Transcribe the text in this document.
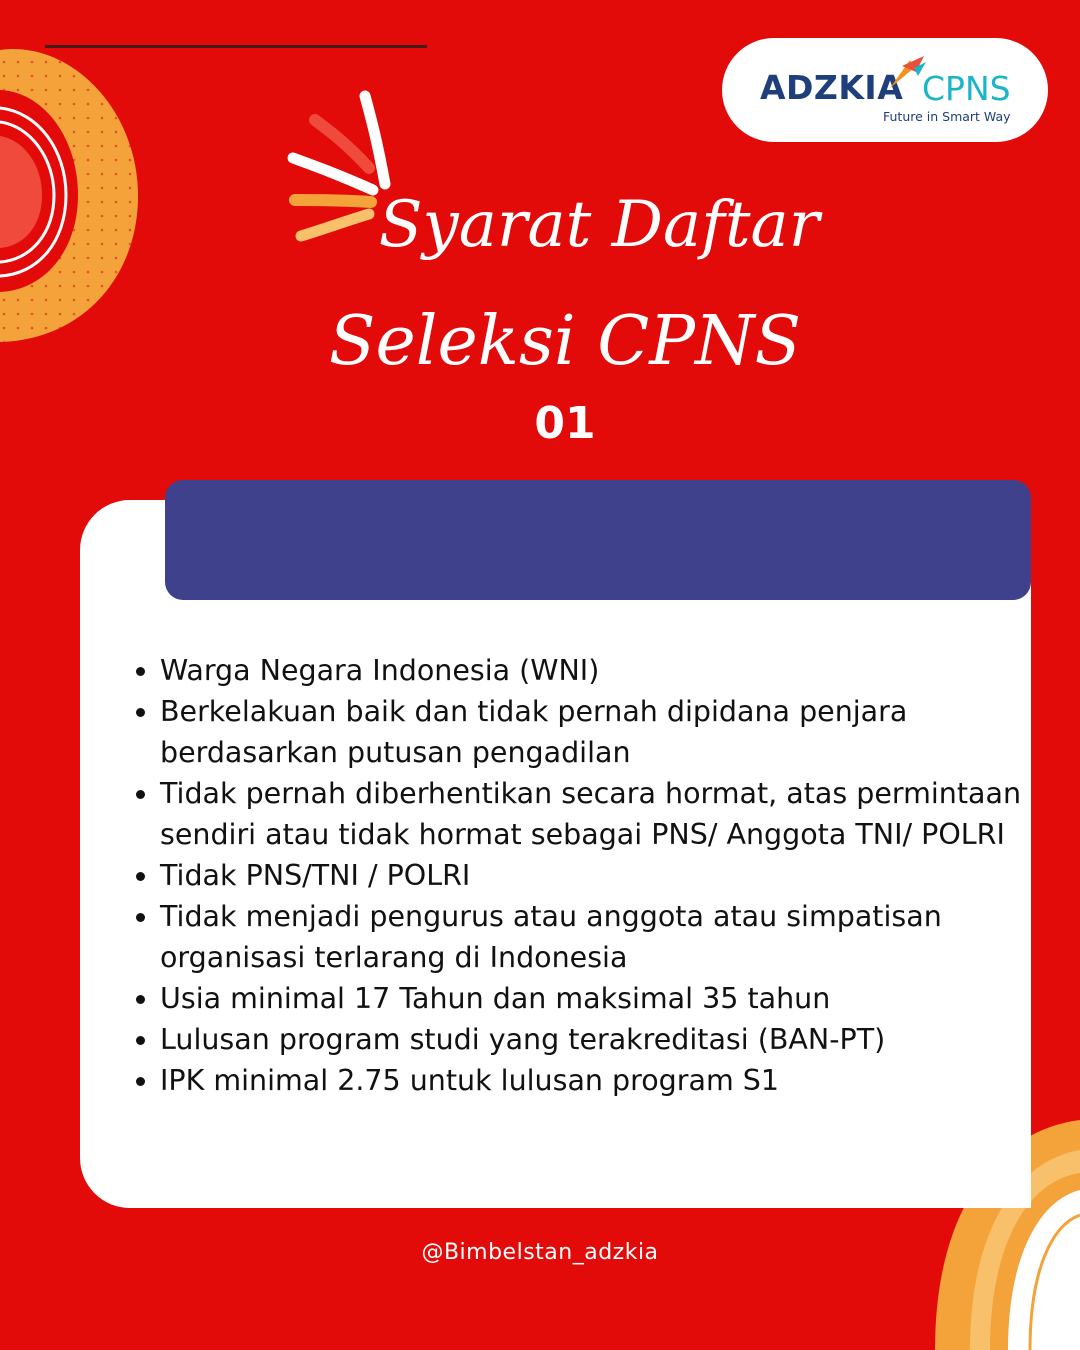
ADZKIA CPNS
Future in Smart Way
Syarat Daftar
Seleksi CPNS
01
• Warga Negara Indonesia (WNI)
• Berkelakuan baik dan tidak pernah dipidana penjara berdasarkan putusan pengadilan
• Tidak pernah diberhentikan secara hormat, atas permintaan sendiri atau tidak hormat sebagai PNS/ Anggota TNI/ POLRI
• Tidak PNS/TNI / POLRI
• Tidak menjadi pengurus atau anggota atau simpatisan organisasi terlarang di Indonesia
• Usia minimal 17 Tahun dan maksimal 35 tahun
• Lulusan program studi yang terakreditasi (BAN-PT)
• IPK minimal 2.75 untuk lulusan program S1
@Bimbelstan_adzkia
